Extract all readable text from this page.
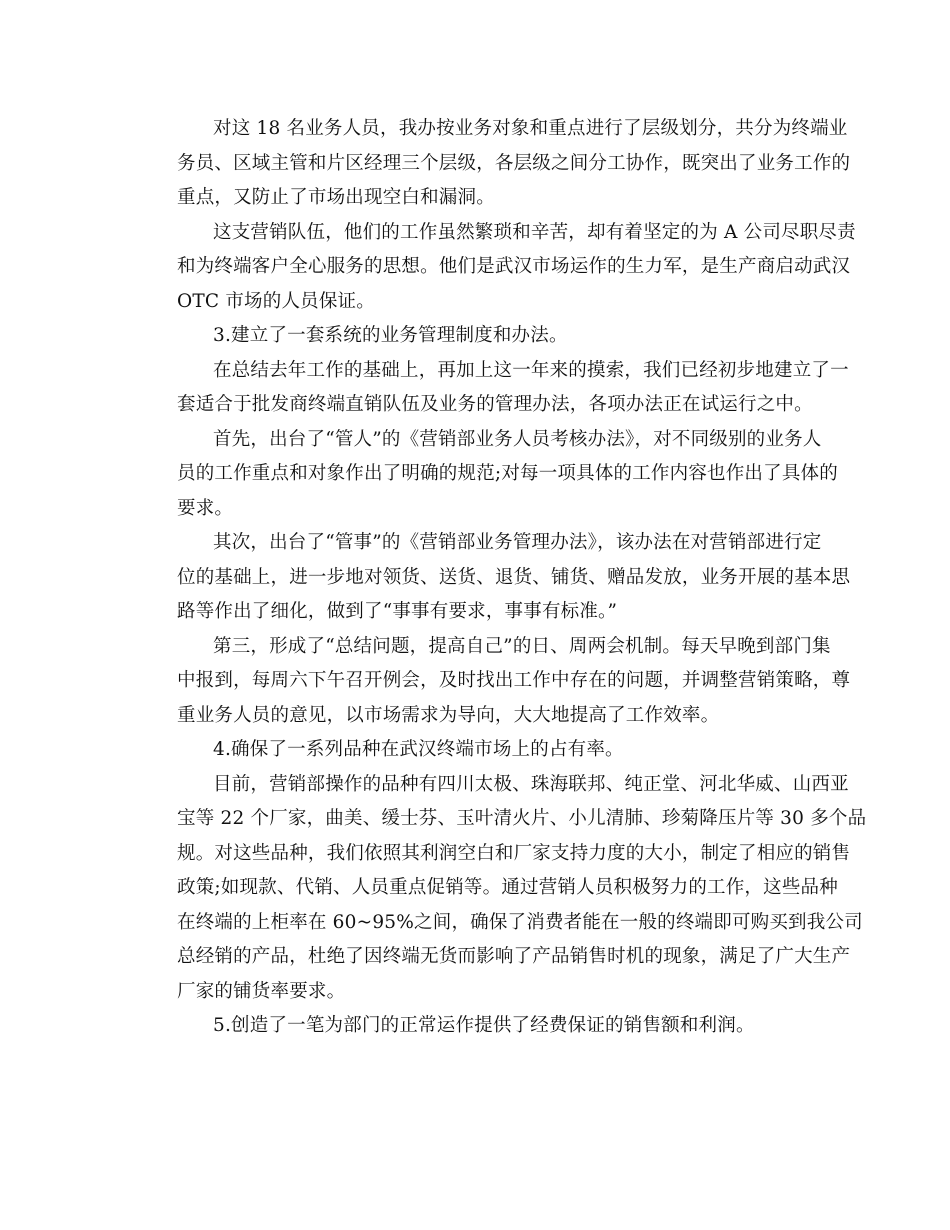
对这 18 名业务人员，我办按业务对象和重点进行了层级划分，共分为终端业
务员、区域主管和片区经理三个层级，各层级之间分工协作，既突出了业务工作的
重点，又防止了市场出现空白和漏洞。

这支营销队伍，他们的工作虽然繁琐和辛苦，却有着坚定的为 A 公司尽职尽责
和为终端客户全心服务的思想。他们是武汉市场运作的生力军，是生产商启动武汉
OTC 市场的人员保证。

3.建立了一套系统的业务管理制度和办法。

在总结去年工作的基础上，再加上这一年来的摸索，我们已经初步地建立了一
套适合于批发商终端直销队伍及业务的管理办法，各项办法正在试运行之中。

首先，出台了“管人”的《营销部业务人员考核办法》，对不同级别的业务人
员的工作重点和对象作出了明确的规范;对每一项具体的工作内容也作出了具体的
要求。

其次，出台了“管事”的《营销部业务管理办法》，该办法在对营销部进行定
位的基础上，进一步地对领货、送货、退货、铺货、赠品发放，业务开展的基本思
路等作出了细化，做到了“事事有要求，事事有标准。”

第三，形成了“总结问题，提高自己”的日、周两会机制。每天早晚到部门集
中报到，每周六下午召开例会，及时找出工作中存在的问题，并调整营销策略，尊
重业务人员的意见，以市场需求为导向，大大地提高了工作效率。

4.确保了一系列品种在武汉终端市场上的占有率。

目前，营销部操作的品种有四川太极、珠海联邦、纯正堂、河北华威、山西亚
宝等 22 个厂家，曲美、缓士芬、玉叶清火片、小儿清肺、珍菊降压片等 30 多个品
规。对这些品种，我们依照其利润空白和厂家支持力度的大小，制定了相应的销售
政策;如现款、代销、人员重点促销等。通过营销人员积极努力的工作，这些品种
在终端的上柜率在 60~95%之间，确保了消费者能在一般的终端即可购买到我公司
总经销的产品，杜绝了因终端无货而影响了产品销售时机的现象，满足了广大生产
厂家的铺货率要求。

5.创造了一笔为部门的正常运作提供了经费保证的销售额和利润。
